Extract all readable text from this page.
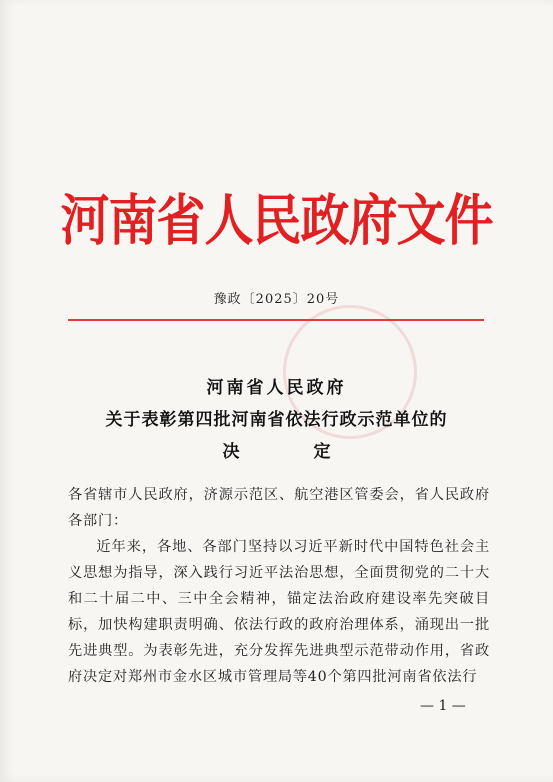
河南省人民政府文件
豫政〔2025〕20号
河南省人民政府
关于表彰第四批河南省依法行政示范单位的
决定

各省辖市人民政府，济源示范区、航空港区管委会，省人民政府各部门：

近年来，各地、各部门坚持以习近平新时代中国特色社会主义思想为指导，深入践行习近平法治思想，全面贯彻党的二十大和二十届二中、三中全会精神，锚定法治政府建设率先突破目标，加快构建职责明确、依法行政的政府治理体系，涌现出一批先进典型。为表彰先进，充分发挥先进典型示范带动作用，省政府决定对郑州市金水区城市管理局等40个第四批河南省依法行

— 1 —
